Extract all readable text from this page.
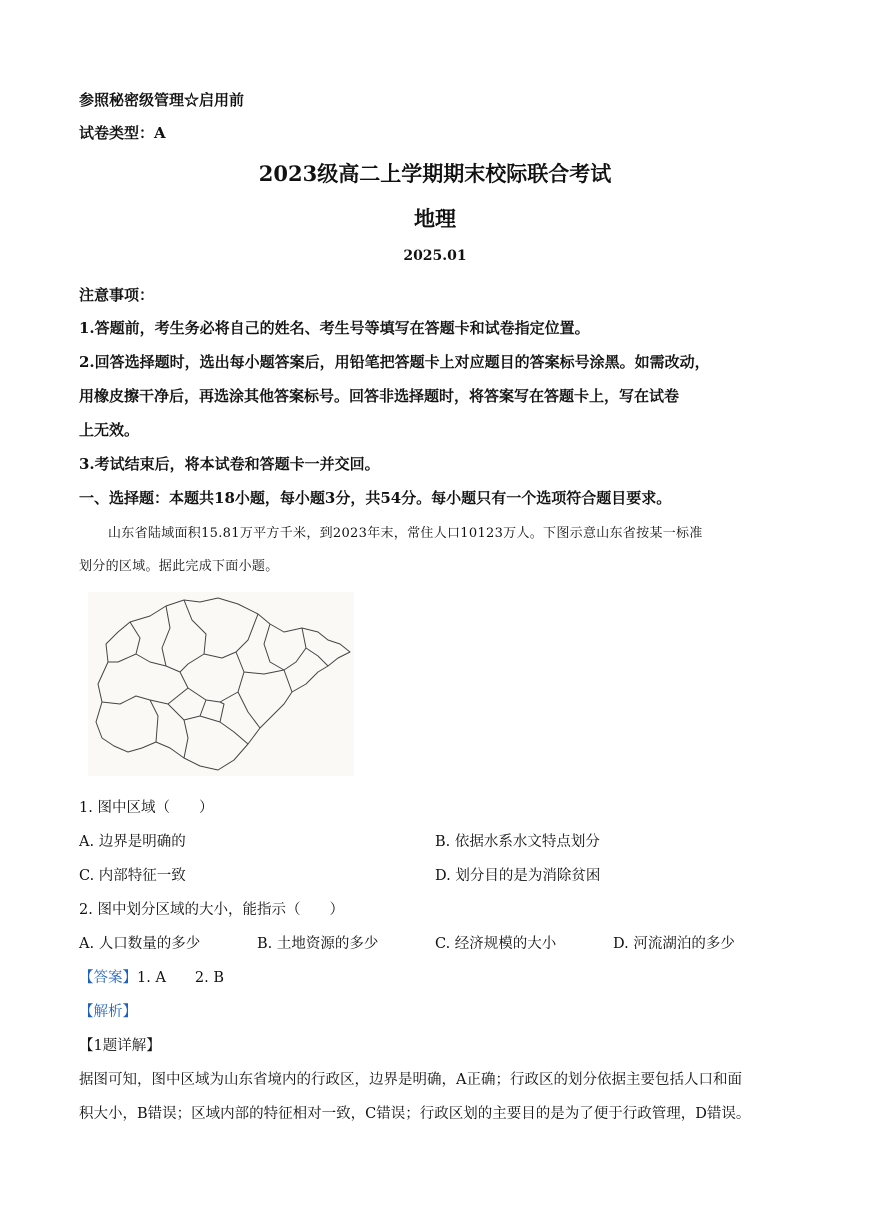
参照秘密级管理☆启用前
试卷类型：A
2023级高二上学期期末校际联合考试
地理
2025.01
注意事项：
1.答题前，考生务必将自己的姓名、考生号等填写在答题卡和试卷指定位置。
2.回答选择题时，选出每小题答案后，用铅笔把答题卡上对应题目的答案标号涂黑。如需改动，
用橡皮擦干净后，再选涂其他答案标号。回答非选择题时，将答案写在答题卡上，写在试卷
上无效。
3.考试结束后，将本试卷和答题卡一并交回。
一、选择题：本题共18小题，每小题3分，共54分。每小题只有一个选项符合题目要求。
山东省陆域面积15.81万平方千米，到2023年末，常住人口10123万人。下图示意山东省按某一标准
划分的区域。据此完成下面小题。
1. 图中区域（　　）
A. 边界是明确的	B. 依据水系水文特点划分
C. 内部特征一致	D. 划分目的是为消除贫困
2. 图中划分区域的大小，能指示（　　）
A. 人口数量的多少	B. 土地资源的多少	C. 经济规模的大小	D. 河流湖泊的多少
【答案】1. A　　2. B
【解析】
【1题详解】
据图可知，图中区域为山东省境内的行政区，边界是明确，A正确；行政区的划分依据主要包括人口和面
积大小，B错误；区域内部的特征相对一致，C错误；行政区划的主要目的是为了便于行政管理，D错误。
